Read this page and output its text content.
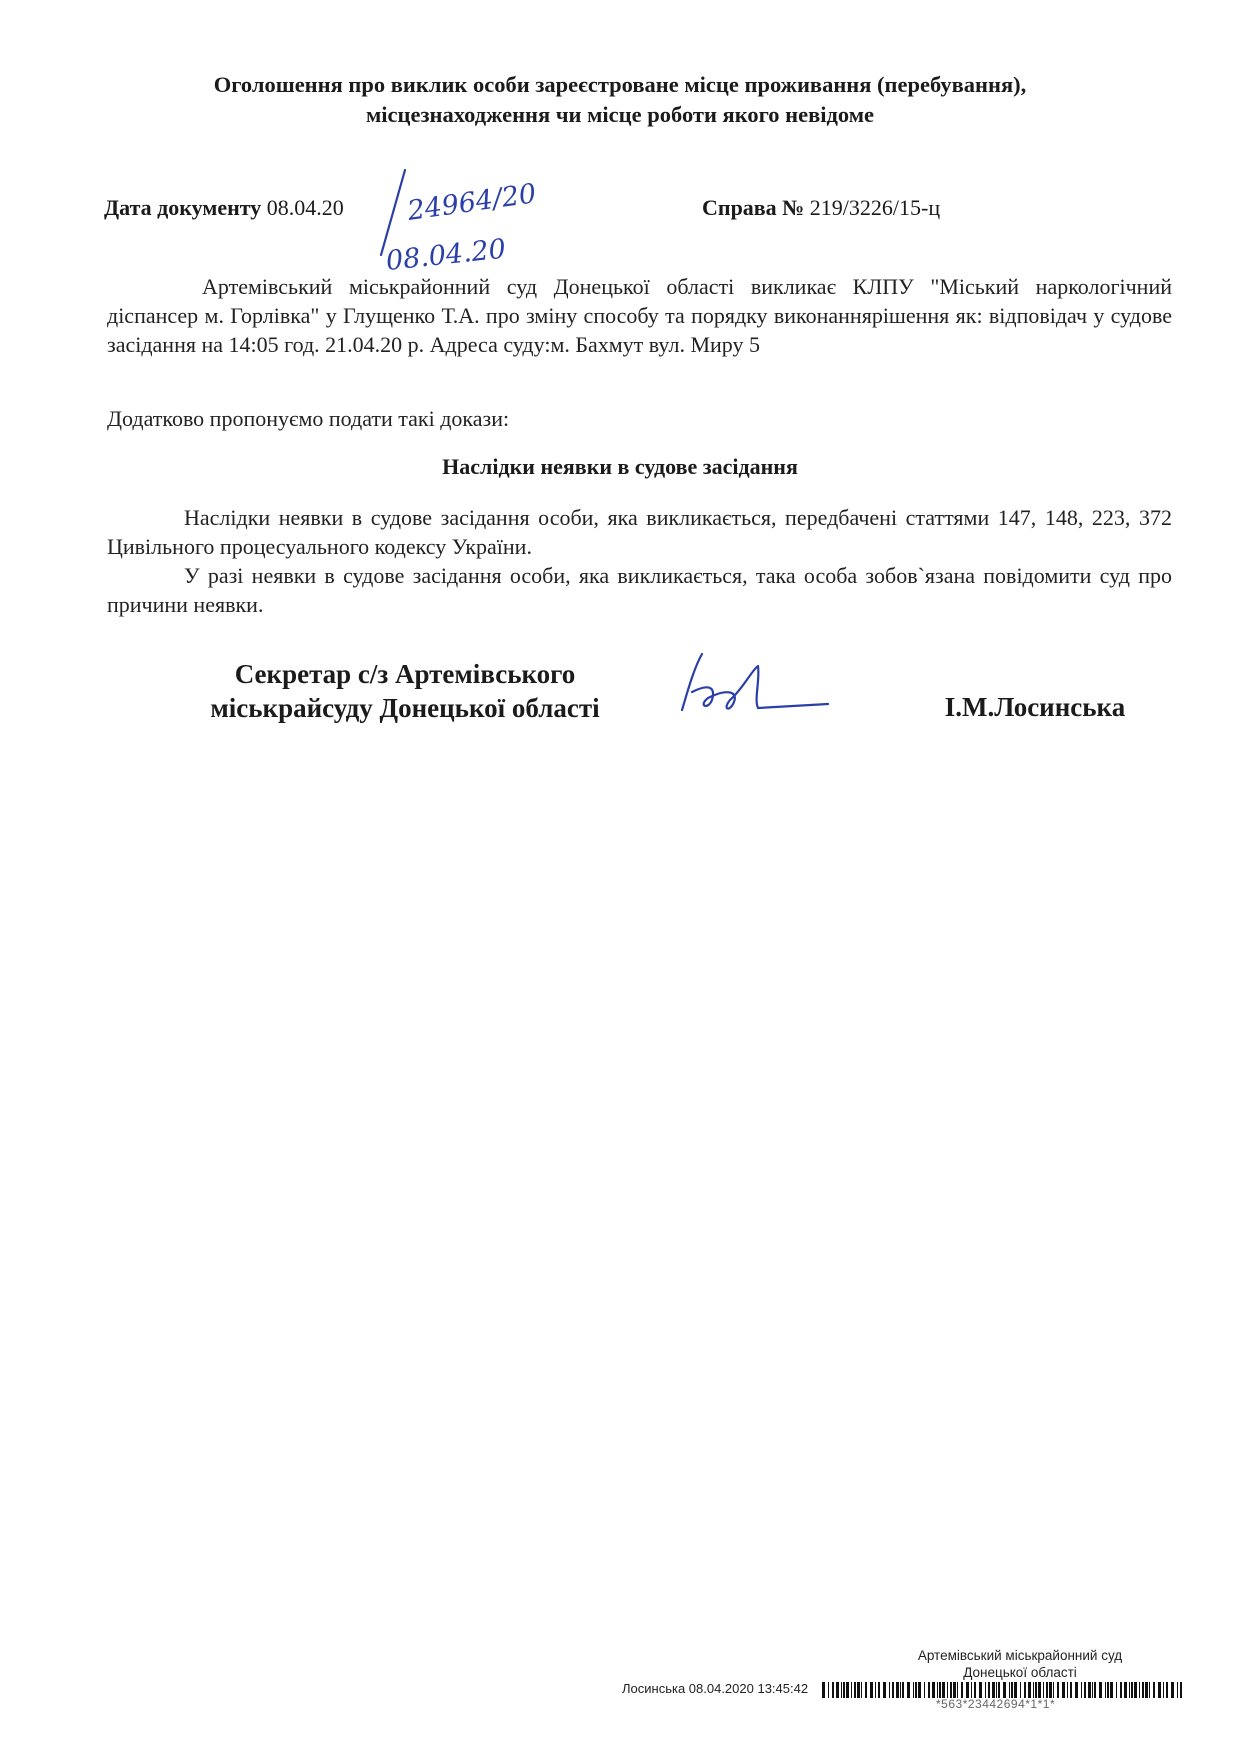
Оголошення про виклик особи зареєстроване місце проживання (перебування),
місцезнаходження чи місце роботи якого невідоме
Дата документу 08.04.20	Справа № 219/3226/15-ц
24964/20
08.04.20
Артемівський міськрайонний суд Донецької області викликає КЛПУ "Міський наркологічний діспансер м. Горлівка" у Глущенко Т.А. про зміну способу та порядку виконаннярішення як: відповідач у судове засідання на 14:05 год. 21.04.20 р. Адреса суду:м. Бахмут вул. Миру 5
Додатково пропонуємо подати такі докази:
Наслідки неявки в судове засідання
Наслідки неявки в судове засідання особи, яка викликається, передбачені статтями 147, 148, 223, 372 Цивільного процесуального кодексу України.
У разі неявки в судове засідання особи, яка викликається, така особа зобов`язана повідомити суд про причини неявки.
Секретар с/з Артемівського
міськрайсуду Донецької області	І.М.Лосинська
Артемівський міськрайонний суд
Донецької області
Лосинська 08.04.2020 13:45:42
*563*23442694*1*1*
